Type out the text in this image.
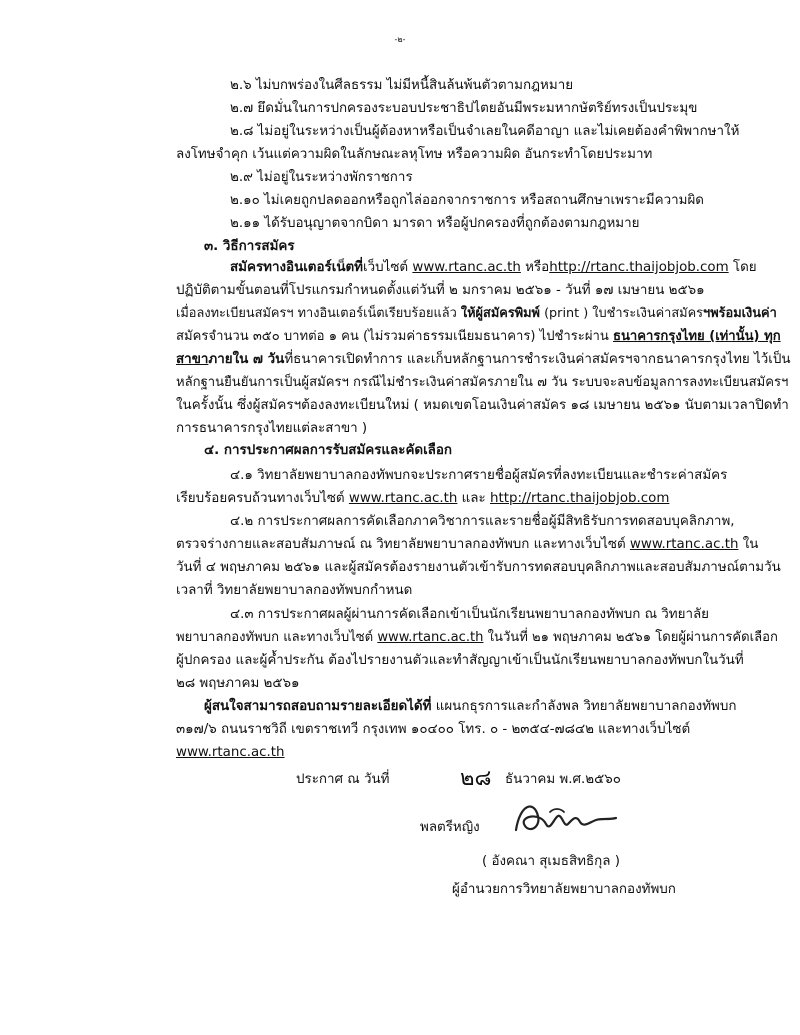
-๒-
๒.๖ ไม่บกพร่องในศีลธรรม ไม่มีหนี้สินล้นพ้นตัวตามกฎหมาย
๒.๗ ยึดมั่นในการปกครองระบอบประชาธิปไตยอันมีพระมหากษัตริย์ทรงเป็นประมุข
๒.๘ ไม่อยู่ในระหว่างเป็นผู้ต้องหาหรือเป็นจำเลยในคดีอาญา และไม่เคยต้องคำพิพากษาให้
ลงโทษจำคุก เว้นแต่ความผิดในลักษณะลหุโทษ หรือความผิด อันกระทำโดยประมาท
๒.๙ ไม่อยู่ในระหว่างพักราชการ
๒.๑๐ ไม่เคยถูกปลดออกหรือถูกไล่ออกจากราชการ หรือสถานศึกษาเพราะมีความผิด
๒.๑๑ ได้รับอนุญาตจากบิดา มารดา หรือผู้ปกครองที่ถูกต้องตามกฎหมาย
๓. วิธีการสมัคร
สมัครทางอินเตอร์เน็ตที่เว็บไซต์ www.rtanc.ac.th หรือhttp://rtanc.thaijobjob.com โดย
ปฏิบัติตามขั้นตอนที่โปรแกรมกำหนดตั้งแต่วันที่ ๒ มกราคม ๒๕๖๑ - วันที่ ๑๗ เมษายน ๒๕๖๑
เมื่อลงทะเบียนสมัครฯ ทางอินเตอร์เน็ตเรียบร้อยแล้ว ให้ผู้สมัครพิมพ์ (print ) ใบชำระเงินค่าสมัครฯพร้อมเงินค่า
สมัครจำนวน ๓๕๐ บาทต่อ ๑ คน (ไม่รวมค่าธรรมเนียมธนาคาร) ไปชำระผ่าน ธนาคารกรุงไทย (เท่านั้น) ทุก
สาขาภายใน ๗ วันที่ธนาคารเปิดทำการ และเก็บหลักฐานการชำระเงินค่าสมัครฯจากธนาคารกรุงไทย ไว้เป็น
หลักฐานยืนยันการเป็นผู้สมัครฯ กรณีไม่ชำระเงินค่าสมัครภายใน ๗ วัน ระบบจะลบข้อมูลการลงทะเบียนสมัครฯ
ในครั้งนั้น ซึ่งผู้สมัครฯต้องลงทะเบียนใหม่ ( หมดเขตโอนเงินค่าสมัคร ๑๘ เมษายน ๒๕๖๑ นับตามเวลาปิดทำ
การธนาคารกรุงไทยแต่ละสาขา )
๔. การประกาศผลการรับสมัครและคัดเลือก
๔.๑ วิทยาลัยพยาบาลกองทัพบกจะประกาศรายชื่อผู้สมัครที่ลงทะเบียนและชำระค่าสมัคร
เรียบร้อยครบถ้วนทางเว็บไซต์ www.rtanc.ac.th และ http://rtanc.thaijobjob.com
๔.๒ การประกาศผลการคัดเลือกภาควิชาการและรายชื่อผู้มีสิทธิรับการทดสอบบุคลิกภาพ,
ตรวจร่างกายและสอบสัมภาษณ์ ณ วิทยาลัยพยาบาลกองทัพบก และทางเว็บไซต์ www.rtanc.ac.th ใน
วันที่ ๔ พฤษภาคม ๒๕๖๑ และผู้สมัครต้องรายงานตัวเข้ารับการทดสอบบุคลิกภาพและสอบสัมภาษณ์ตามวัน
เวลาที่ วิทยาลัยพยาบาลกองทัพบกกำหนด
๔.๓ การประกาศผลผู้ผ่านการคัดเลือกเข้าเป็นนักเรียนพยาบาลกองทัพบก ณ วิทยาลัย
พยาบาลกองทัพบก และทางเว็บไซต์ www.rtanc.ac.th ในวันที่ ๒๑ พฤษภาคม ๒๕๖๑ โดยผู้ผ่านการคัดเลือก
ผู้ปกครอง และผู้ค้ำประกัน ต้องไปรายงานตัวและทำสัญญาเข้าเป็นนักเรียนพยาบาลกองทัพบกในวันที่
๒๘ พฤษภาคม ๒๕๖๑
ผู้สนใจสามารถสอบถามรายละเอียดได้ที่ แผนกธุรการและกำลังพล วิทยาลัยพยาบาลกองทัพบก
๓๑๗/๖ ถนนราชวิถี เขตราชเทวี กรุงเทพ ๑๐๔๐๐ โทร. ๐ - ๒๓๕๔-๗๘๔๒ และทางเว็บไซต์
www.rtanc.ac.th
ประกาศ ณ วันที่	๒๘ ธันวาคม พ.ศ.๒๕๖๐
พลตรีหญิง
( อังคณา สุเมธสิทธิกุล )
ผู้อำนวยการวิทยาลัยพยาบาลกองทัพบก
